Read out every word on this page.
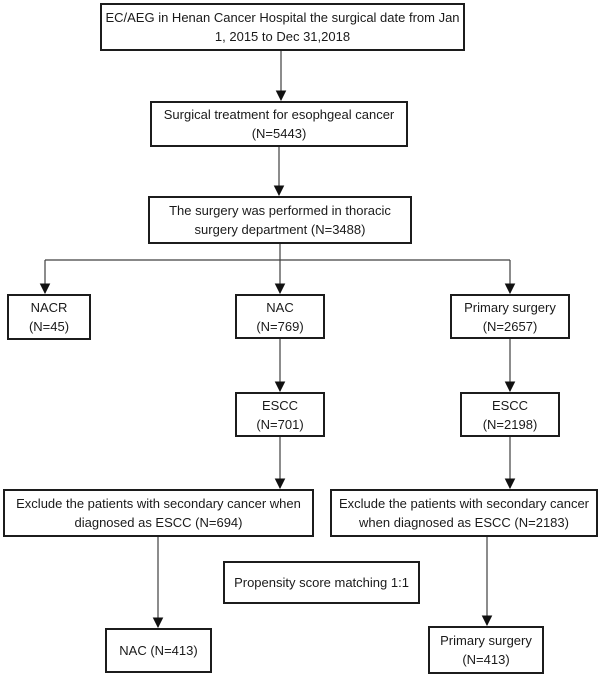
EC/AEG in Henan Cancer Hospital the surgical date from Jan
1, 2015 to Dec 31,2018
Surgical treatment for esophgeal cancer
(N=5443)
The surgery was performed in thoracic
surgery department (N=3488)
NACR
(N=45)
NAC
(N=769)
Primary surgery
(N=2657)
ESCC
(N=701)
ESCC
(N=2198)
Exclude the patients with secondary cancer when
diagnosed as ESCC (N=694)
Exclude the patients with secondary cancer
when diagnosed as ESCC (N=2183)
Propensity score matching 1:1
NAC (N=413)
Primary surgery
(N=413)
